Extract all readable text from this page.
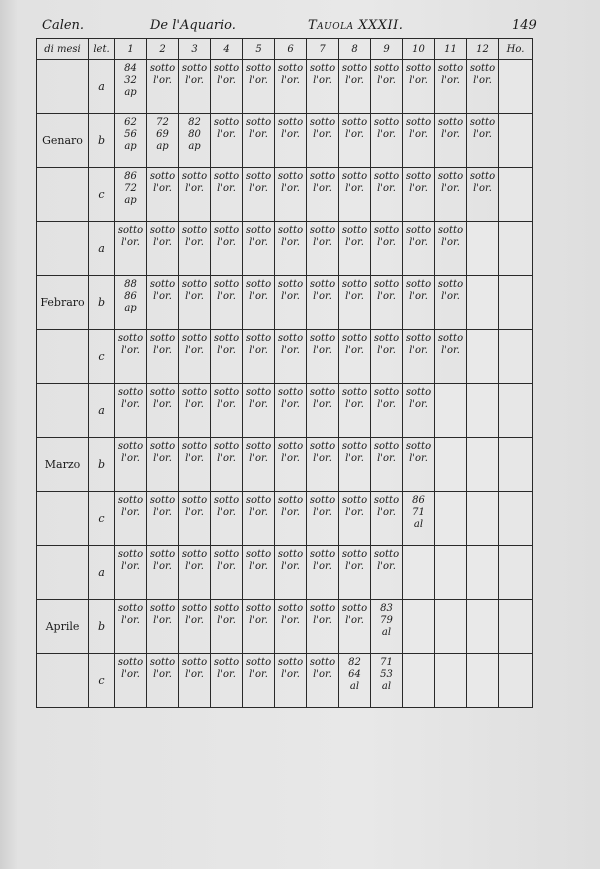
Calen.	De l'Aquario.	Tauola XXXII.	149
di mesi	let.	1	2	3	4	5	6	7	8	9	10	11	12	Ho.
	a	84
32
ap	sotto
l'or.	sotto
l'or.	sotto
l'or.	sotto
l'or.	sotto
l'or.	sotto
l'or.	sotto
l'or.	sotto
l'or.	sotto
l'or.	sotto
l'or.	sotto
l'or.	

Genaro	b	62
56
ap	72
69
ap	82
80
ap	sotto
l'or.	sotto
l'or.	sotto
l'or.	sotto
l'or.	sotto
l'or.	sotto
l'or.	sotto
l'or.	sotto
l'or.	sotto
l'or.	

	c	86
72
ap	sotto
l'or.	sotto
l'or.	sotto
l'or.	sotto
l'or.	sotto
l'or.	sotto
l'or.	sotto
l'or.	sotto
l'or.	sotto
l'or.	sotto
l'or.	sotto
l'or.	

	a	sotto
l'or.	sotto
l'or.	sotto
l'or.	sotto
l'or.	sotto
l'or.	sotto
l'or.	sotto
l'or.	sotto
l'or.	sotto
l'or.	sotto
l'or.	sotto
l'or.		

Febraro	b	88
86
ap	sotto
l'or.	sotto
l'or.	sotto
l'or.	sotto
l'or.	sotto
l'or.	sotto
l'or.	sotto
l'or.	sotto
l'or.	sotto
l'or.	sotto
l'or.		

	c	sotto
l'or.	sotto
l'or.	sotto
l'or.	sotto
l'or.	sotto
l'or.	sotto
l'or.	sotto
l'or.	sotto
l'or.	sotto
l'or.	sotto
l'or.	sotto
l'or.		

	a	sotto
l'or.	sotto
l'or.	sotto
l'or.	sotto
l'or.	sotto
l'or.	sotto
l'or.	sotto
l'or.	sotto
l'or.	sotto
l'or.	sotto
l'or.			

Marzo	b	sotto
l'or.	sotto
l'or.	sotto
l'or.	sotto
l'or.	sotto
l'or.	sotto
l'or.	sotto
l'or.	sotto
l'or.	sotto
l'or.	sotto
l'or.			

	c	sotto
l'or.	sotto
l'or.	sotto
l'or.	sotto
l'or.	sotto
l'or.	sotto
l'or.	sotto
l'or.	sotto
l'or.	sotto
l'or.	86
71
al			

	a	sotto
l'or.	sotto
l'or.	sotto
l'or.	sotto
l'or.	sotto
l'or.	sotto
l'or.	sotto
l'or.	sotto
l'or.	sotto
l'or.				

Aprile	b	sotto
l'or.	sotto
l'or.	sotto
l'or.	sotto
l'or.	sotto
l'or.	sotto
l'or.	sotto
l'or.	sotto
l'or.	83
79
al				

	c	sotto
l'or.	sotto
l'or.	sotto
l'or.	sotto
l'or.	sotto
l'or.	sotto
l'or.	sotto
l'or.	82
64
al	71
53
al				
